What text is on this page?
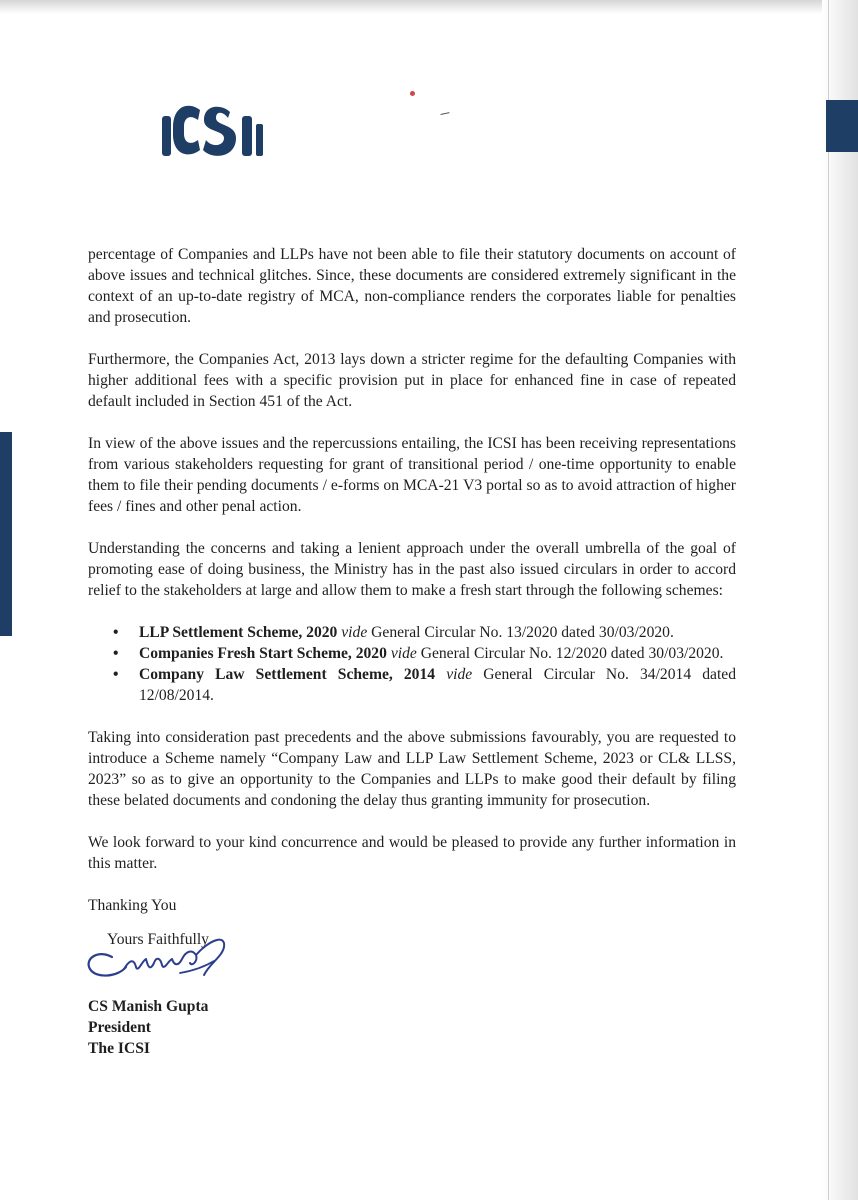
percentage of Companies and LLPs have not been able to file their statutory documents on account of above issues and technical glitches. Since, these documents are considered extremely significant in the context of an up-to-date registry of MCA, non-compliance renders the corporates liable for penalties and prosecution.

Furthermore, the Companies Act, 2013 lays down a stricter regime for the defaulting Companies with higher additional fees with a specific provision put in place for enhanced fine in case of repeated default included in Section 451 of the Act.

In view of the above issues and the repercussions entailing, the ICSI has been receiving representations from various stakeholders requesting for grant of transitional period / one-time opportunity to enable them to file their pending documents / e-forms on MCA-21 V3 portal so as to avoid attraction of higher fees / fines and other penal action.

Understanding the concerns and taking a lenient approach under the overall umbrella of the goal of promoting ease of doing business, the Ministry has in the past also issued circulars in order to accord relief to the stakeholders at large and allow them to make a fresh start through the following schemes:

• LLP Settlement Scheme, 2020 vide General Circular No. 13/2020 dated 30/03/2020.
• Companies Fresh Start Scheme, 2020 vide General Circular No. 12/2020 dated 30/03/2020.
• Company Law Settlement Scheme, 2014 vide General Circular No. 34/2014 dated 12/08/2014.

Taking into consideration past precedents and the above submissions favourably, you are requested to introduce a Scheme namely “Company Law and LLP Law Settlement Scheme, 2023 or CL& LLSS, 2023” so as to give an opportunity to the Companies and LLPs to make good their default by filing these belated documents and condoning the delay thus granting immunity for prosecution.

We look forward to your kind concurrence and would be pleased to provide any further information in this matter.

Thanking You

Yours Faithfully

CS Manish Gupta

President

The ICSI
